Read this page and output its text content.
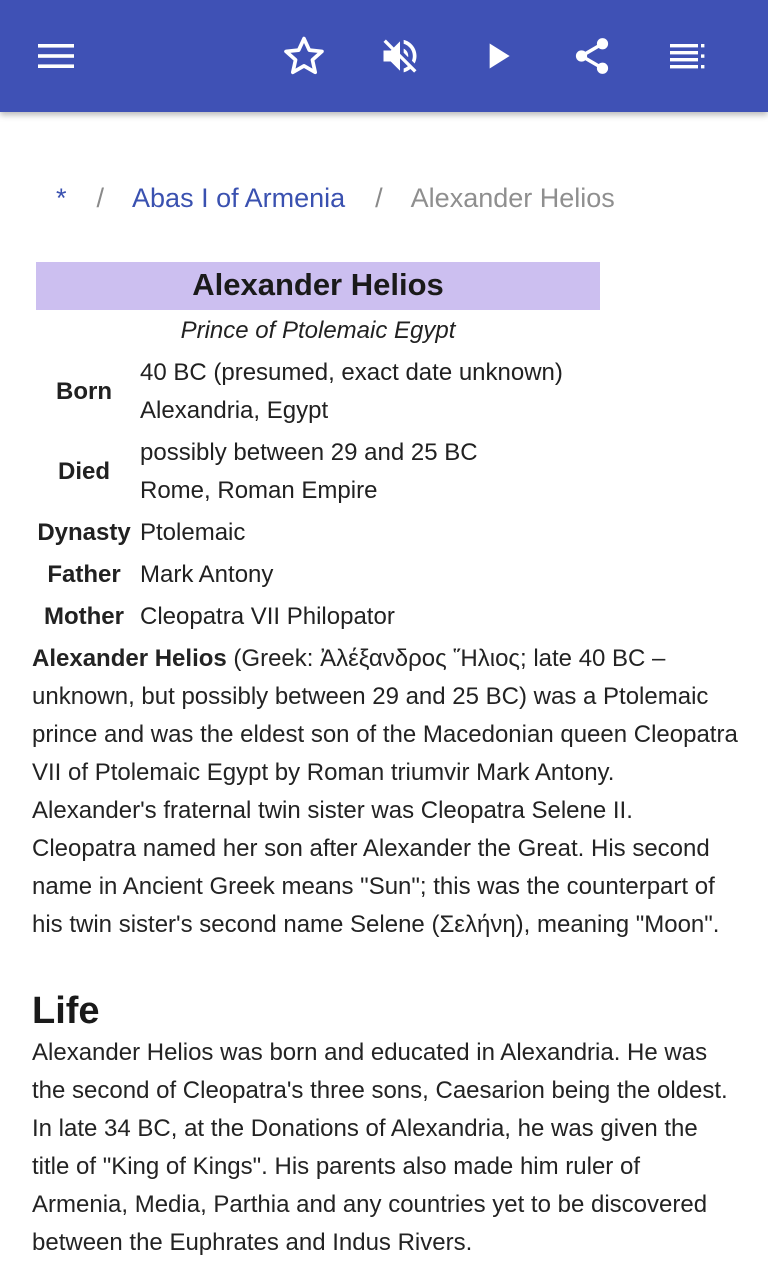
* / Abas I of Armenia / Alexander Helios
Alexander Helios
Prince of Ptolemaic Egypt
Born	40 BC (presumed, exact date unknown)
Alexandria, Egypt

Died	possibly between 29 and 25 BC
Rome, Roman Empire

Dynasty	Ptolemaic

Father	Mark Antony

Mother	Cleopatra VII Philopator

Alexander Helios (Greek: Ἀλέξανδρος Ἥλιος; late 40 BC – unknown, but possibly between 29 and 25 BC) was a Ptolemaic prince and was the eldest son of the Macedonian queen Cleopatra VII of Ptolemaic Egypt by Roman triumvir Mark Antony. Alexander's fraternal twin sister was Cleopatra Selene II. Cleopatra named her son after Alexander the Great. His second name in Ancient Greek means "Sun"; this was the counterpart of his twin sister's second name Selene (Σελήνη), meaning "Moon".

Life

Alexander Helios was born and educated in Alexandria. He was the second of Cleopatra's three sons, Caesarion being the oldest. In late 34 BC, at the Donations of Alexandria, he was given the title of "King of Kings". His parents also made him ruler of Armenia, Media, Parthia and any countries yet to be discovered between the Euphrates and Indus Rivers.
